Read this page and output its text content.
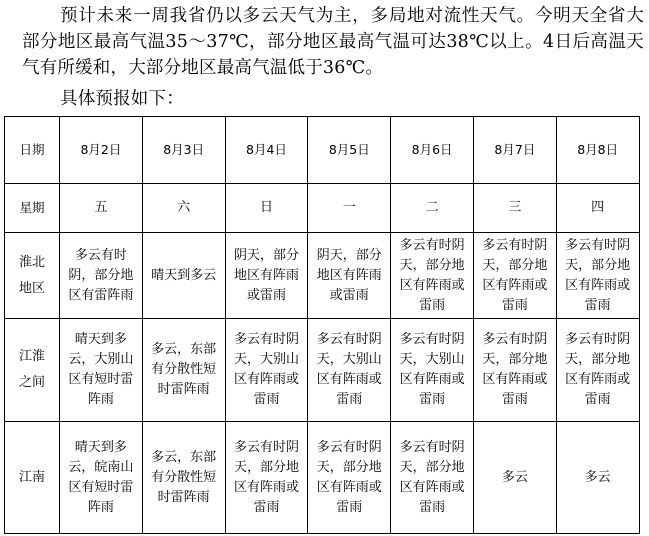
预计未来一周我省仍以多云天气为主，多局地对流性天气。今明天全省大部分地区最高气温35～37℃，部分地区最高气温可达38℃以上。4日后高温天气有所缓和，大部分地区最高气温低于36℃。

具体预报如下：

日期	8月2日	8月3日	8月4日	8月5日	8月6日	8月7日	8月8日
星期	五	六	日	一	二	三	四
淮北地区	多云有时阴，部分地区有雷阵雨	晴天到多云	阴天，部分地区有阵雨或雷雨	阴天，部分地区有阵雨或雷雨	多云有时阴天，部分地区有阵雨或雷雨	多云有时阴天，部分地区有阵雨或雷雨	多云有时阴天，部分地区有阵雨或雷雨
江淮之间	晴天到多云，大别山区有短时雷阵雨	多云，东部有分散性短时雷阵雨	多云有时阴天，大别山区有阵雨或雷雨	多云有时阴天，大别山区有阵雨或雷雨	多云有时阴天，大别山区有阵雨或雷雨	多云有时阴天，部分地区有阵雨或雷雨	多云有时阴天，部分地区有阵雨或雷雨
江南	晴天到多云，皖南山区有短时雷阵雨	多云，东部有分散性短时雷阵雨	多云有时阴天，部分地区有阵雨或雷雨	多云有时阴天，部分地区有阵雨或雷雨	多云有时阴天，部分地区有阵雨或雷雨	多云	多云
